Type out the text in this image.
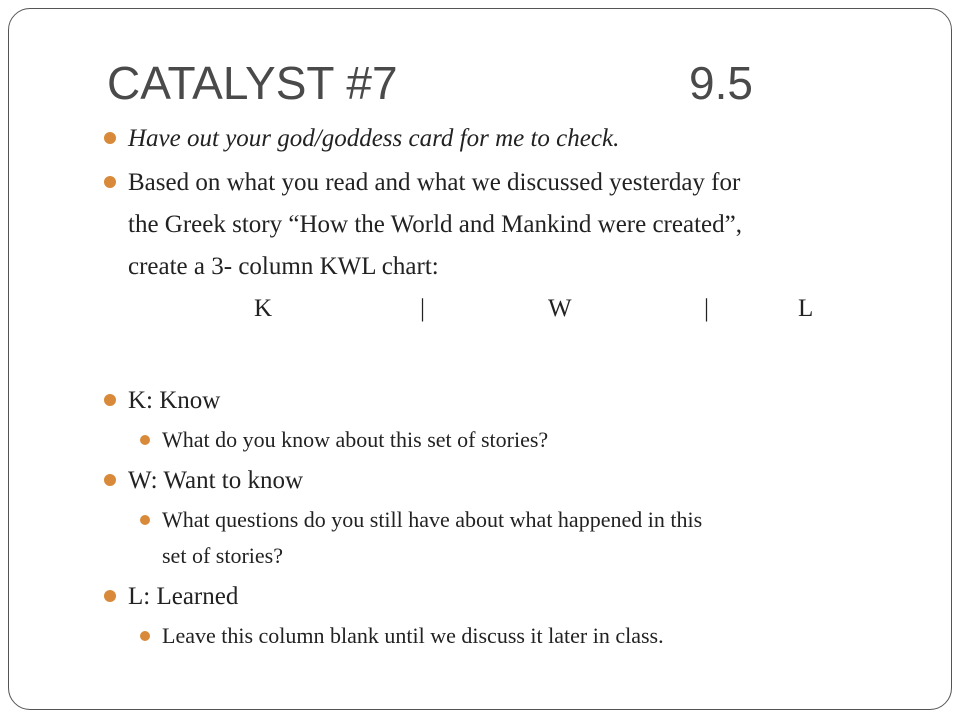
CATALYST #7	9.5
Have out your god/goddess card for me to check.
Based on what you read and what we discussed yesterday for
the Greek story “How the World and Mankind were created”,
create a 3- column KWL chart:
K	|	W	|	L
K: Know
What do you know about this set of stories?
W: Want to know
What questions do you still have about what happened in this
set of stories?
L: Learned
Leave this column blank until we discuss it later in class.
